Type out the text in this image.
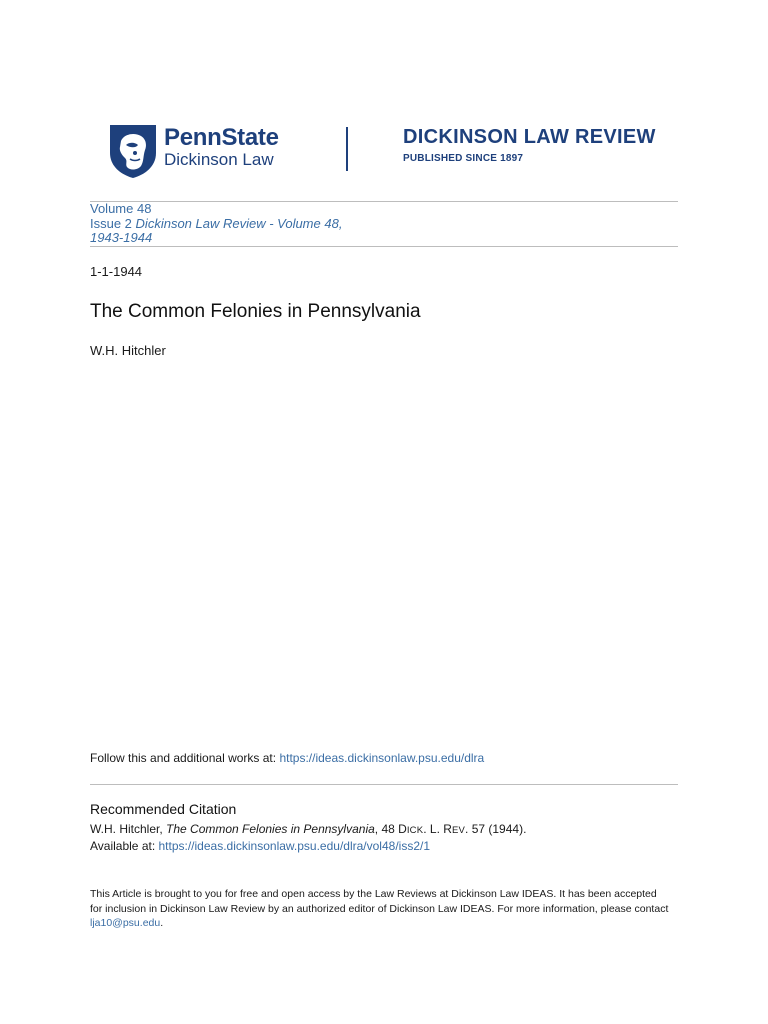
PennState
Dickinson Law
DICKINSON LAW REVIEW
PUBLISHED SINCE 1897
Volume 48
Issue 2 Dickinson Law Review - Volume 48,
1943-1944
1-1-1944
The Common Felonies in Pennsylvania
W.H. Hitchler
Follow this and additional works at: https://ideas.dickinsonlaw.psu.edu/dlra
Recommended Citation
W.H. Hitchler, The Common Felonies in Pennsylvania, 48 DICK. L. REV. 57 (1944).
Available at: https://ideas.dickinsonlaw.psu.edu/dlra/vol48/iss2/1
This Article is brought to you for free and open access by the Law Reviews at Dickinson Law IDEAS. It has been accepted for inclusion in Dickinson Law Review by an authorized editor of Dickinson Law IDEAS. For more information, please contact lja10@psu.edu.
